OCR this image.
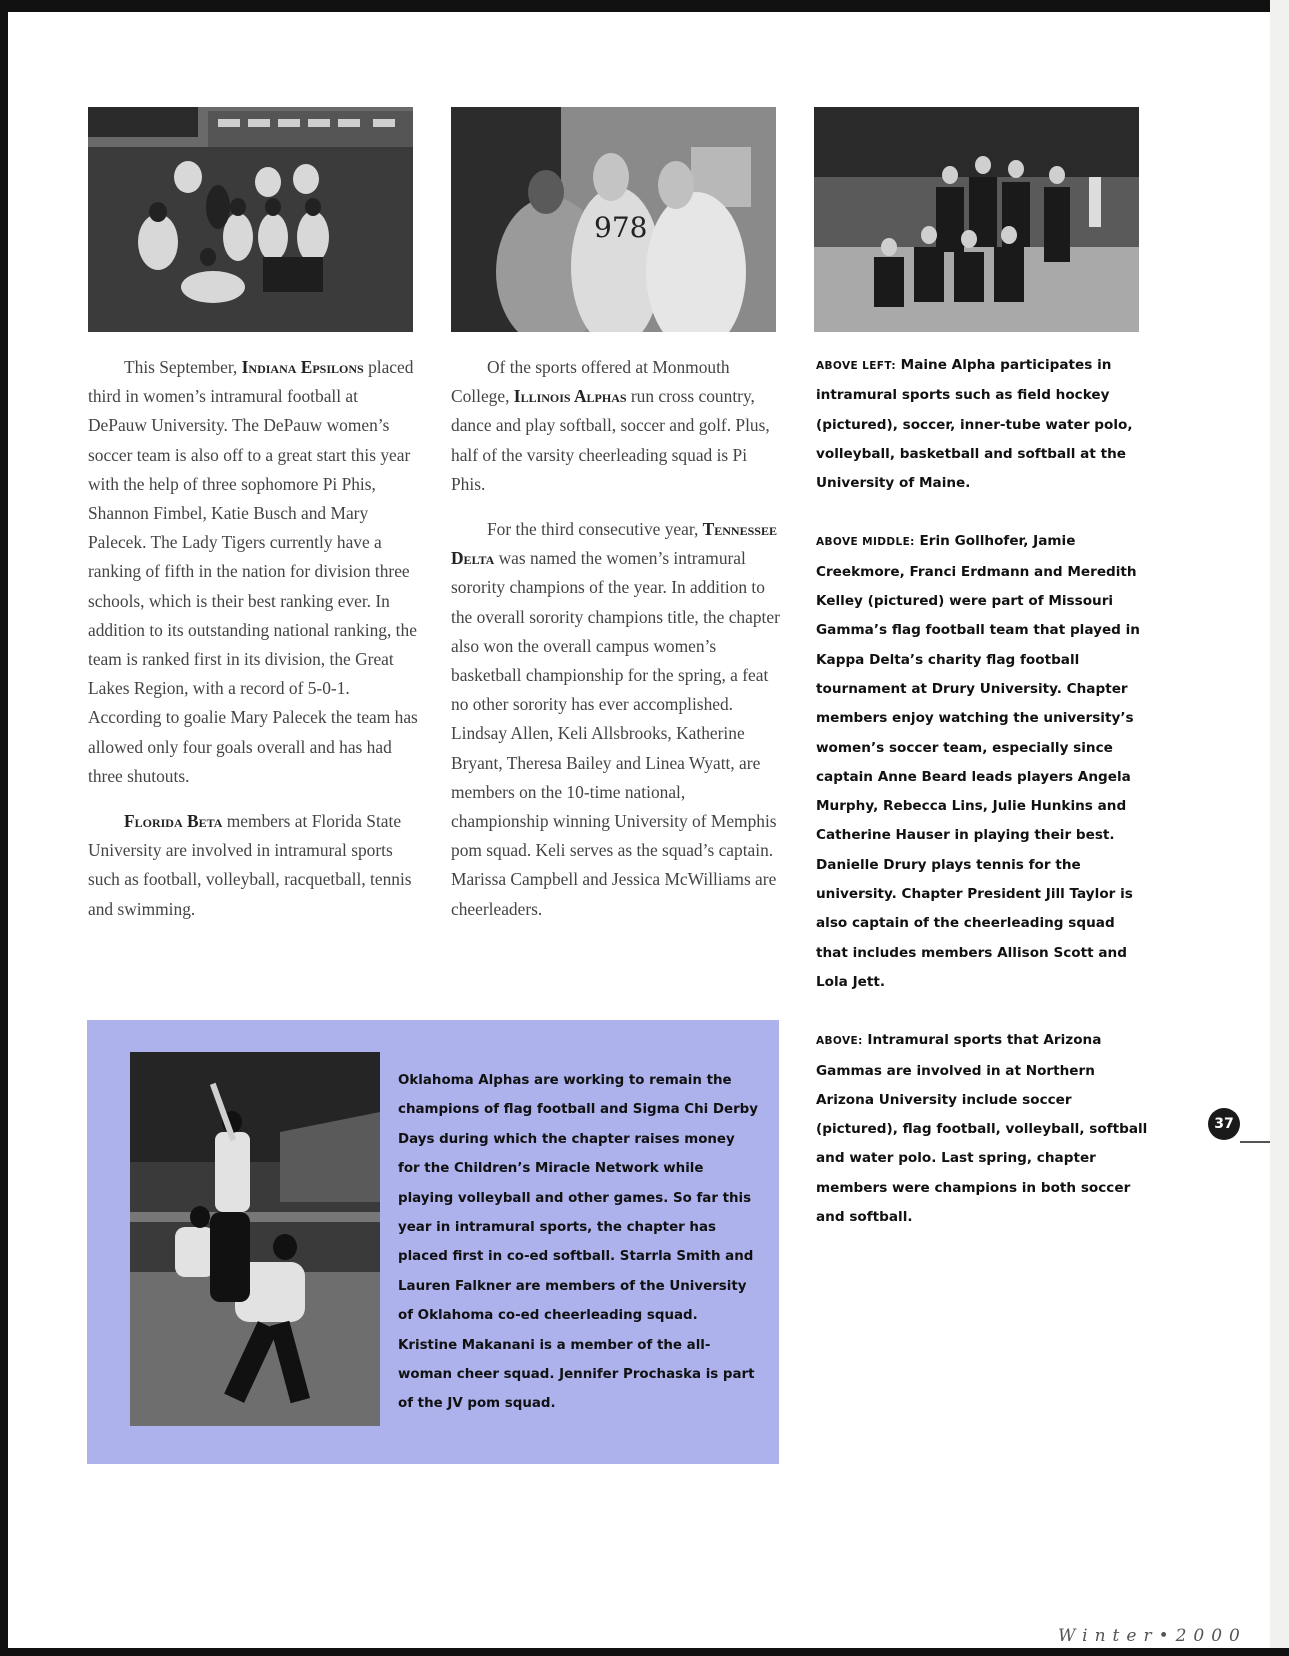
978

This September, Indiana Epsilons placed third in women’s intramural football at DePauw University. The DePauw women’s soccer team is also off to a great start this year with the help of three sophomore Pi Phis, Shannon Fimbel, Katie Busch and Mary Palecek. The Lady Tigers currently have a ranking of fifth in the nation for division three schools, which is their best ranking ever. In addition to its outstanding national ranking, the team is ranked first in its division, the Great Lakes Region, with a record of 5-0-1. According to goalie Mary Palecek the team has allowed only four goals overall and has had three shutouts.

Florida Beta members at Florida State University are involved in intramural sports such as football, volleyball, racquetball, tennis and swimming.

Of the sports offered at Monmouth College, Illinois Alphas run cross country, dance and play softball, soccer and golf. Plus, half of the varsity cheerleading squad is Pi Phis.

For the third consecutive year, Tennessee Delta was named the women’s intramural sorority champions of the year. In addition to the overall sorority champions title, the chapter also won the overall campus women’s basketball championship for the spring, a feat no other sorority has ever accomplished. Lindsay Allen, Keli Allsbrooks, Katherine Bryant, Theresa Bailey and Linea Wyatt, are members on the 10-time national, championship winning University of Memphis pom squad. Keli serves as the squad’s captain. Marissa Campbell and Jessica McWilliams are cheerleaders.

ABOVE LEFT: Maine Alpha participates in intramural sports such as field hockey (pictured), soccer, inner-tube water polo, volleyball, basketball and softball at the University of Maine.

ABOVE MIDDLE: Erin Gollhofer, Jamie Creekmore, Franci Erdmann and Meredith Kelley (pictured) were part of Missouri Gamma’s flag football team that played in Kappa Delta’s charity flag football tournament at Drury University. Chapter members enjoy watching the university’s women’s soccer team, especially since captain Anne Beard leads players Angela Murphy, Rebecca Lins, Julie Hunkins and Catherine Hauser in playing their best. Danielle Drury plays tennis for the university. Chapter President Jill Taylor is also captain of the cheerleading squad that includes members Allison Scott and Lola Jett.

ABOVE: Intramural sports that Arizona Gammas are involved in at Northern Arizona University include soccer (pictured), flag football, volleyball, softball and water polo. Last spring, chapter members were champions in both soccer and softball.

Oklahoma Alphas are working to remain the champions of flag football and Sigma Chi Derby Days during which the chapter raises money for the Children’s Miracle Network while playing volleyball and other games. So far this year in intramural sports, the chapter has placed first in co-ed softball. Starrla Smith and Lauren Falkner are members of the University of Oklahoma co-ed cheerleading squad. Kristine Makanani is a member of the all-woman cheer squad. Jennifer Prochaska is part of the JV pom squad.
37
Winter•2000
